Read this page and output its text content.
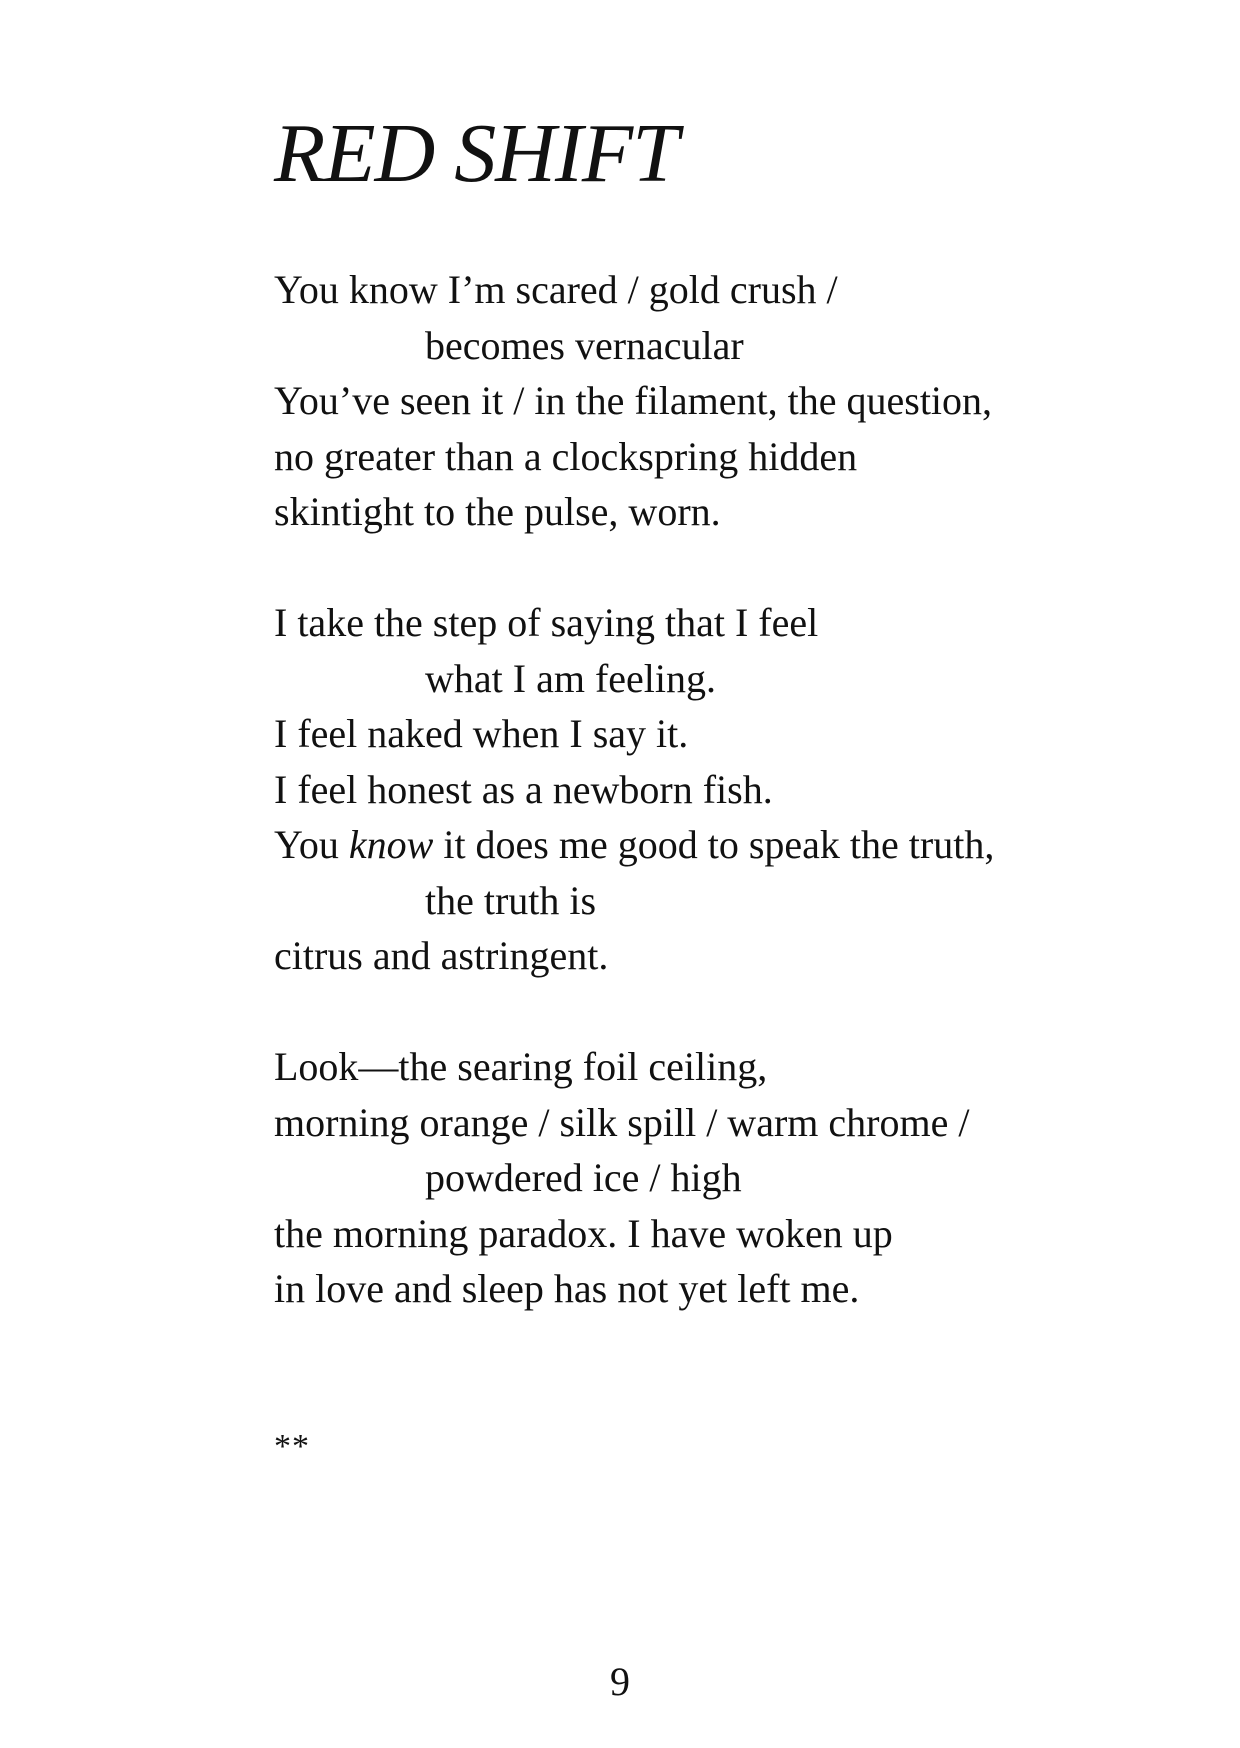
RED SHIFT

You know I’m scared / gold crush /
becomes vernacular
You’ve seen it / in the filament, the question,
no greater than a clockspring hidden
skintight to the pulse, worn.

I take the step of saying that I feel
what I am feeling.
I feel naked when I say it.
I feel honest as a newborn fish.
You know it does me good to speak the truth,
the truth is
citrus and astringent.

Look—the searing foil ceiling,
morning orange / silk spill / warm chrome /
powdered ice / high
the morning paradox. I have woken up
in love and sleep has not yet left me.

**
9
